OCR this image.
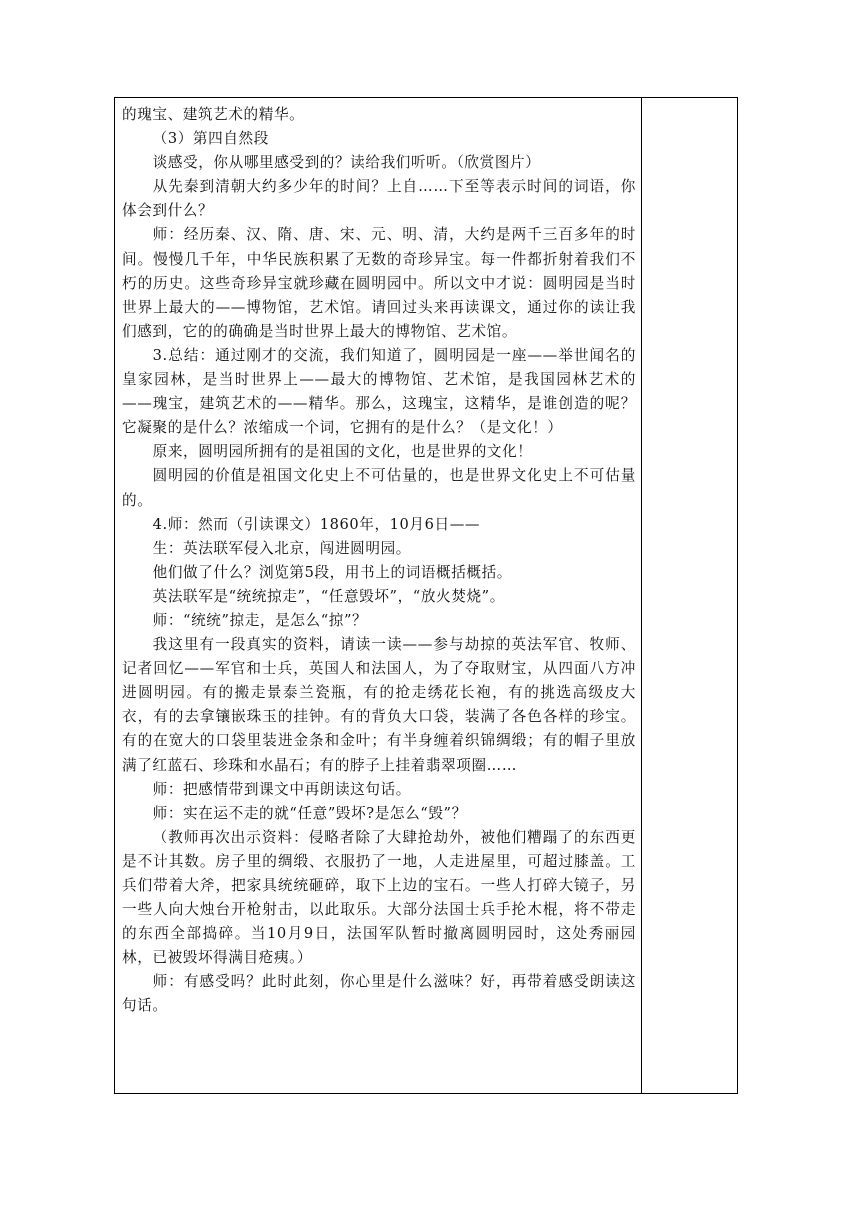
的瑰宝、建筑艺术的精华。

（3）第四自然段

谈感受，你从哪里感受到的？读给我们听听。（欣赏图片）

从先秦到清朝大约多少年的时间？上自……下至等表示时间的词语，你体会到什么？

师：经历秦、汉、隋、唐、宋、元、明、清，大约是两千三百多年的时间。慢慢几千年，中华民族积累了无数的奇珍异宝。每一件都折射着我们不朽的历史。这些奇珍异宝就珍藏在圆明园中。所以文中才说：圆明园是当时世界上最大的——博物馆，艺术馆。请回过头来再读课文，通过你的读让我们感到，它的的确确是当时世界上最大的博物馆、艺术馆。

3.总结：通过刚才的交流，我们知道了，圆明园是一座——举世闻名的皇家园林，是当时世界上——最大的博物馆、艺术馆，是我国园林艺术的——瑰宝，建筑艺术的——精华。那么，这瑰宝，这精华，是谁创造的呢？它凝聚的是什么？浓缩成一个词，它拥有的是什么？（是文化！）

原来，圆明园所拥有的是祖国的文化，也是世界的文化！

圆明园的价值是祖国文化史上不可估量的，也是世界文化史上不可估量的。

4.师：然而（引读课文）1860年，10月6日——

生：英法联军侵入北京，闯进圆明园。

他们做了什么？浏览第5段，用书上的词语概括概括。

英法联军是“统统掠走”，“任意毁坏”，“放火焚烧”。

师：“统统”掠走，是怎么“掠”？

我这里有一段真实的资料，请读一读——参与劫掠的英法军官、牧师、记者回忆——军官和士兵，英国人和法国人，为了夺取财宝，从四面八方冲进圆明园。有的搬走景泰兰瓷瓶，有的抢走绣花长袍，有的挑选高级皮大衣，有的去拿镶嵌珠玉的挂钟。有的背负大口袋，装满了各色各样的珍宝。有的在宽大的口袋里装进金条和金叶；有半身缠着织锦绸缎；有的帽子里放满了红蓝石、珍珠和水晶石；有的脖子上挂着翡翠项圈……

师：把感情带到课文中再朗读这句话。

师：实在运不走的就“任意”毁坏?是怎么“毁”？

（教师再次出示资料：侵略者除了大肆抢劫外，被他们糟蹋了的东西更是不计其数。房子里的绸缎、衣服扔了一地，人走进屋里，可超过膝盖。工兵们带着大斧，把家具统统砸碎，取下上边的宝石。一些人打碎大镜子，另一些人向大烛台开枪射击，以此取乐。大部分法国士兵手抡木棍，将不带走的东西全部捣碎。当10月9日，法国军队暂时撤离圆明园时，这处秀丽园林，已被毁坏得满目疮痍。）

师：有感受吗？此时此刻，你心里是什么滋味？好，再带着感受朗读这句话。
